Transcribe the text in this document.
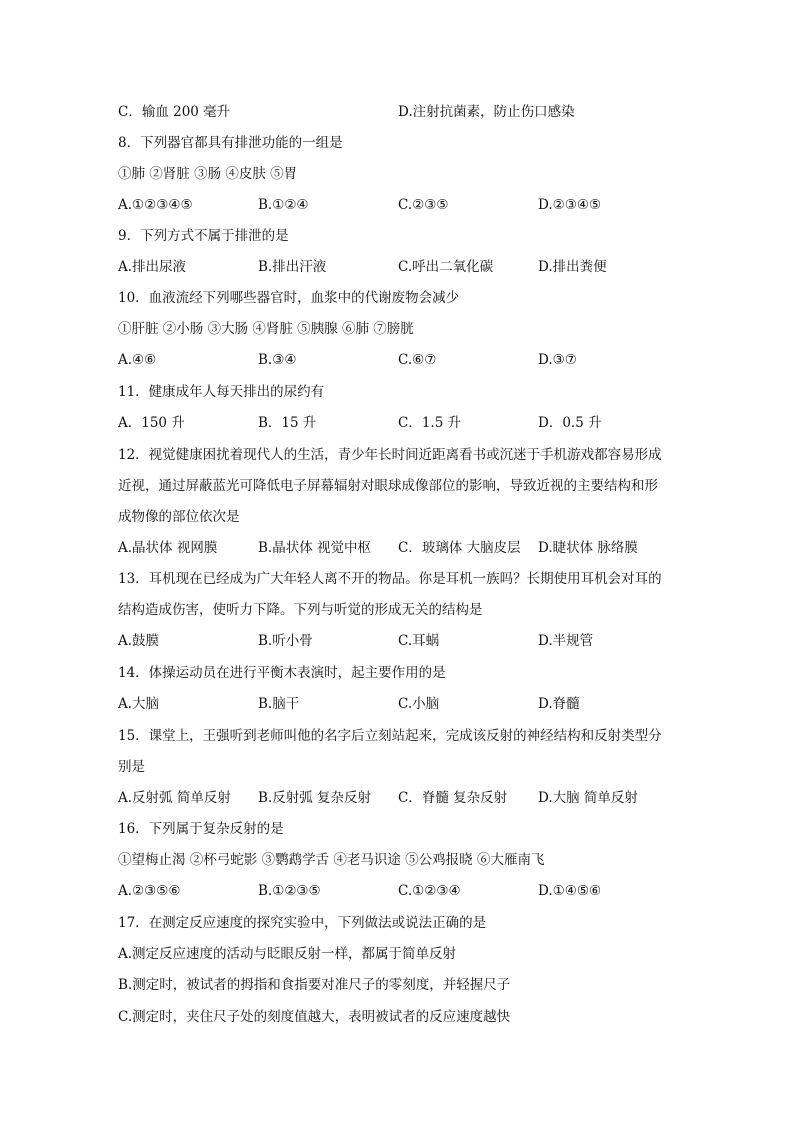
C．输血 200 毫升	D.注射抗菌素，防止伤口感染
8．下列器官都具有排泄功能的一组是
①肺 ②肾脏 ③肠 ④皮肤 ⑤胃
A.①②③④⑤	B.①②④	C.②③⑤	D.②③④⑤
9．下列方式不属于排泄的是
A.排出尿液	B.排出汗液	C.呼出二氧化碳	D.排出粪便
10．血液流经下列哪些器官时，血浆中的代谢废物会减少
①肝脏 ②小肠 ③大肠 ④肾脏 ⑤胰腺 ⑥肺 ⑦膀胱
A.④⑥	B.③④	C.⑥⑦	D.③⑦
11．健康成年人每天排出的尿约有
A．150 升	B．15 升	C．1.5 升	D．0.5 升
12．视觉健康困扰着现代人的生活，青少年长时间近距离看书或沉迷于手机游戏都容易形成
近视，通过屏蔽蓝光可降低电子屏幕辐射对眼球成像部位的影响，导致近视的主要结构和形
成物像的部位依次是
A.晶状体 视网膜	B.晶状体 视觉中枢 C．玻璃体 大脑皮层 D.睫状体 脉络膜
13．耳机现在已经成为广大年轻人离不开的物品。你是耳机一族吗？长期使用耳机会对耳的
结构造成伤害，使听力下降。下列与听觉的形成无关的结构是
A.鼓膜	B.听小骨	C.耳蜗	D.半规管
14．体操运动员在进行平衡木表演时，起主要作用的是
A.大脑	B.脑干	C.小脑	D.脊髓
15．课堂上，王强听到老师叫他的名字后立刻站起来，完成该反射的神经结构和反射类型分
别是
A.反射弧 简单反射 B.反射弧 复杂反射 C．脊髓 复杂反射 D.大脑 简单反射
16．下列属于复杂反射的是
①望梅止渴 ②杯弓蛇影 ③鹦鹉学舌 ④老马识途 ⑤公鸡报晓 ⑥大雁南飞
A.②③⑤⑥	B.①②③⑤	C.①②③④	D.①④⑤⑥
17．在测定反应速度的探究实验中，下列做法或说法正确的是
A.测定反应速度的活动与眨眼反射一样，都属于简单反射
B.测定时，被试者的拇指和食指要对准尺子的零刻度，并轻握尺子
C.测定时，夹住尺子处的刻度值越大，表明被试者的反应速度越快
